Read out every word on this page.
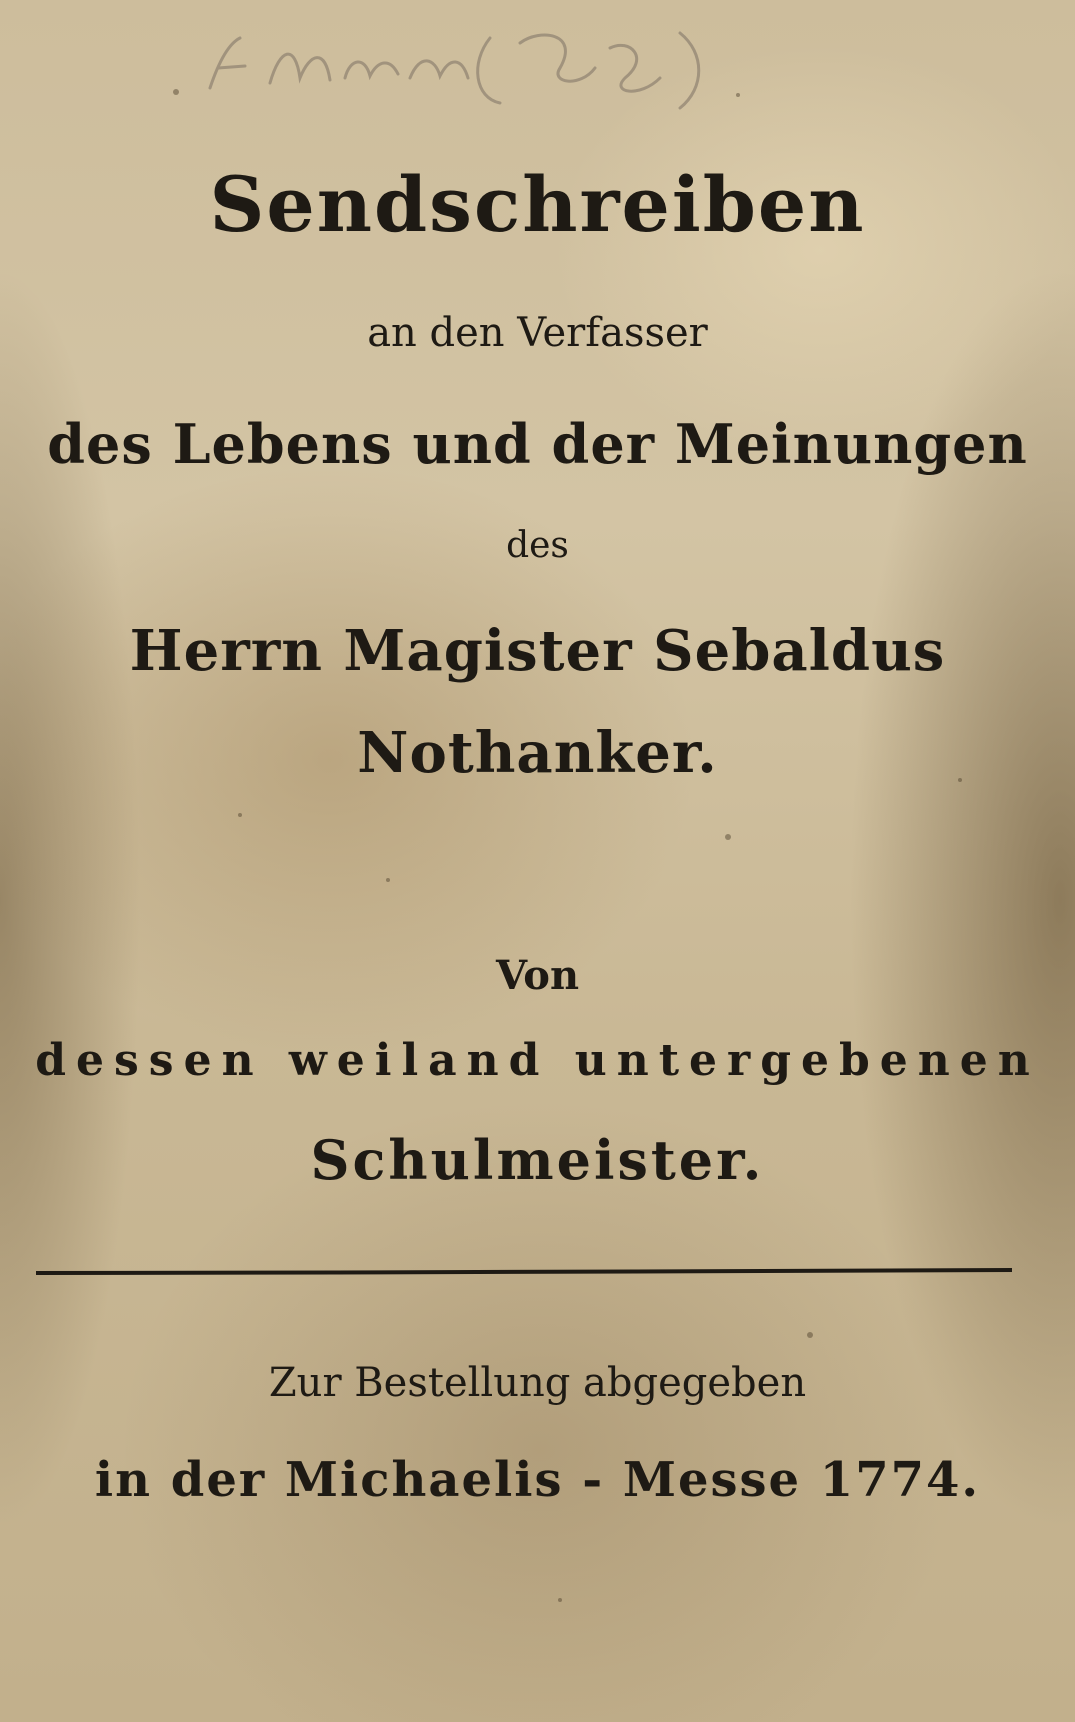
Sendschreiben
an den Verfasser
des Lebens und der Meinungen
des
Herrn Magister Sebaldus
Nothanker.
Von
dessen weiland untergebenen
Schulmeister.
Zur Bestellung abgegeben
in der Michaelis - Messe 1774.
